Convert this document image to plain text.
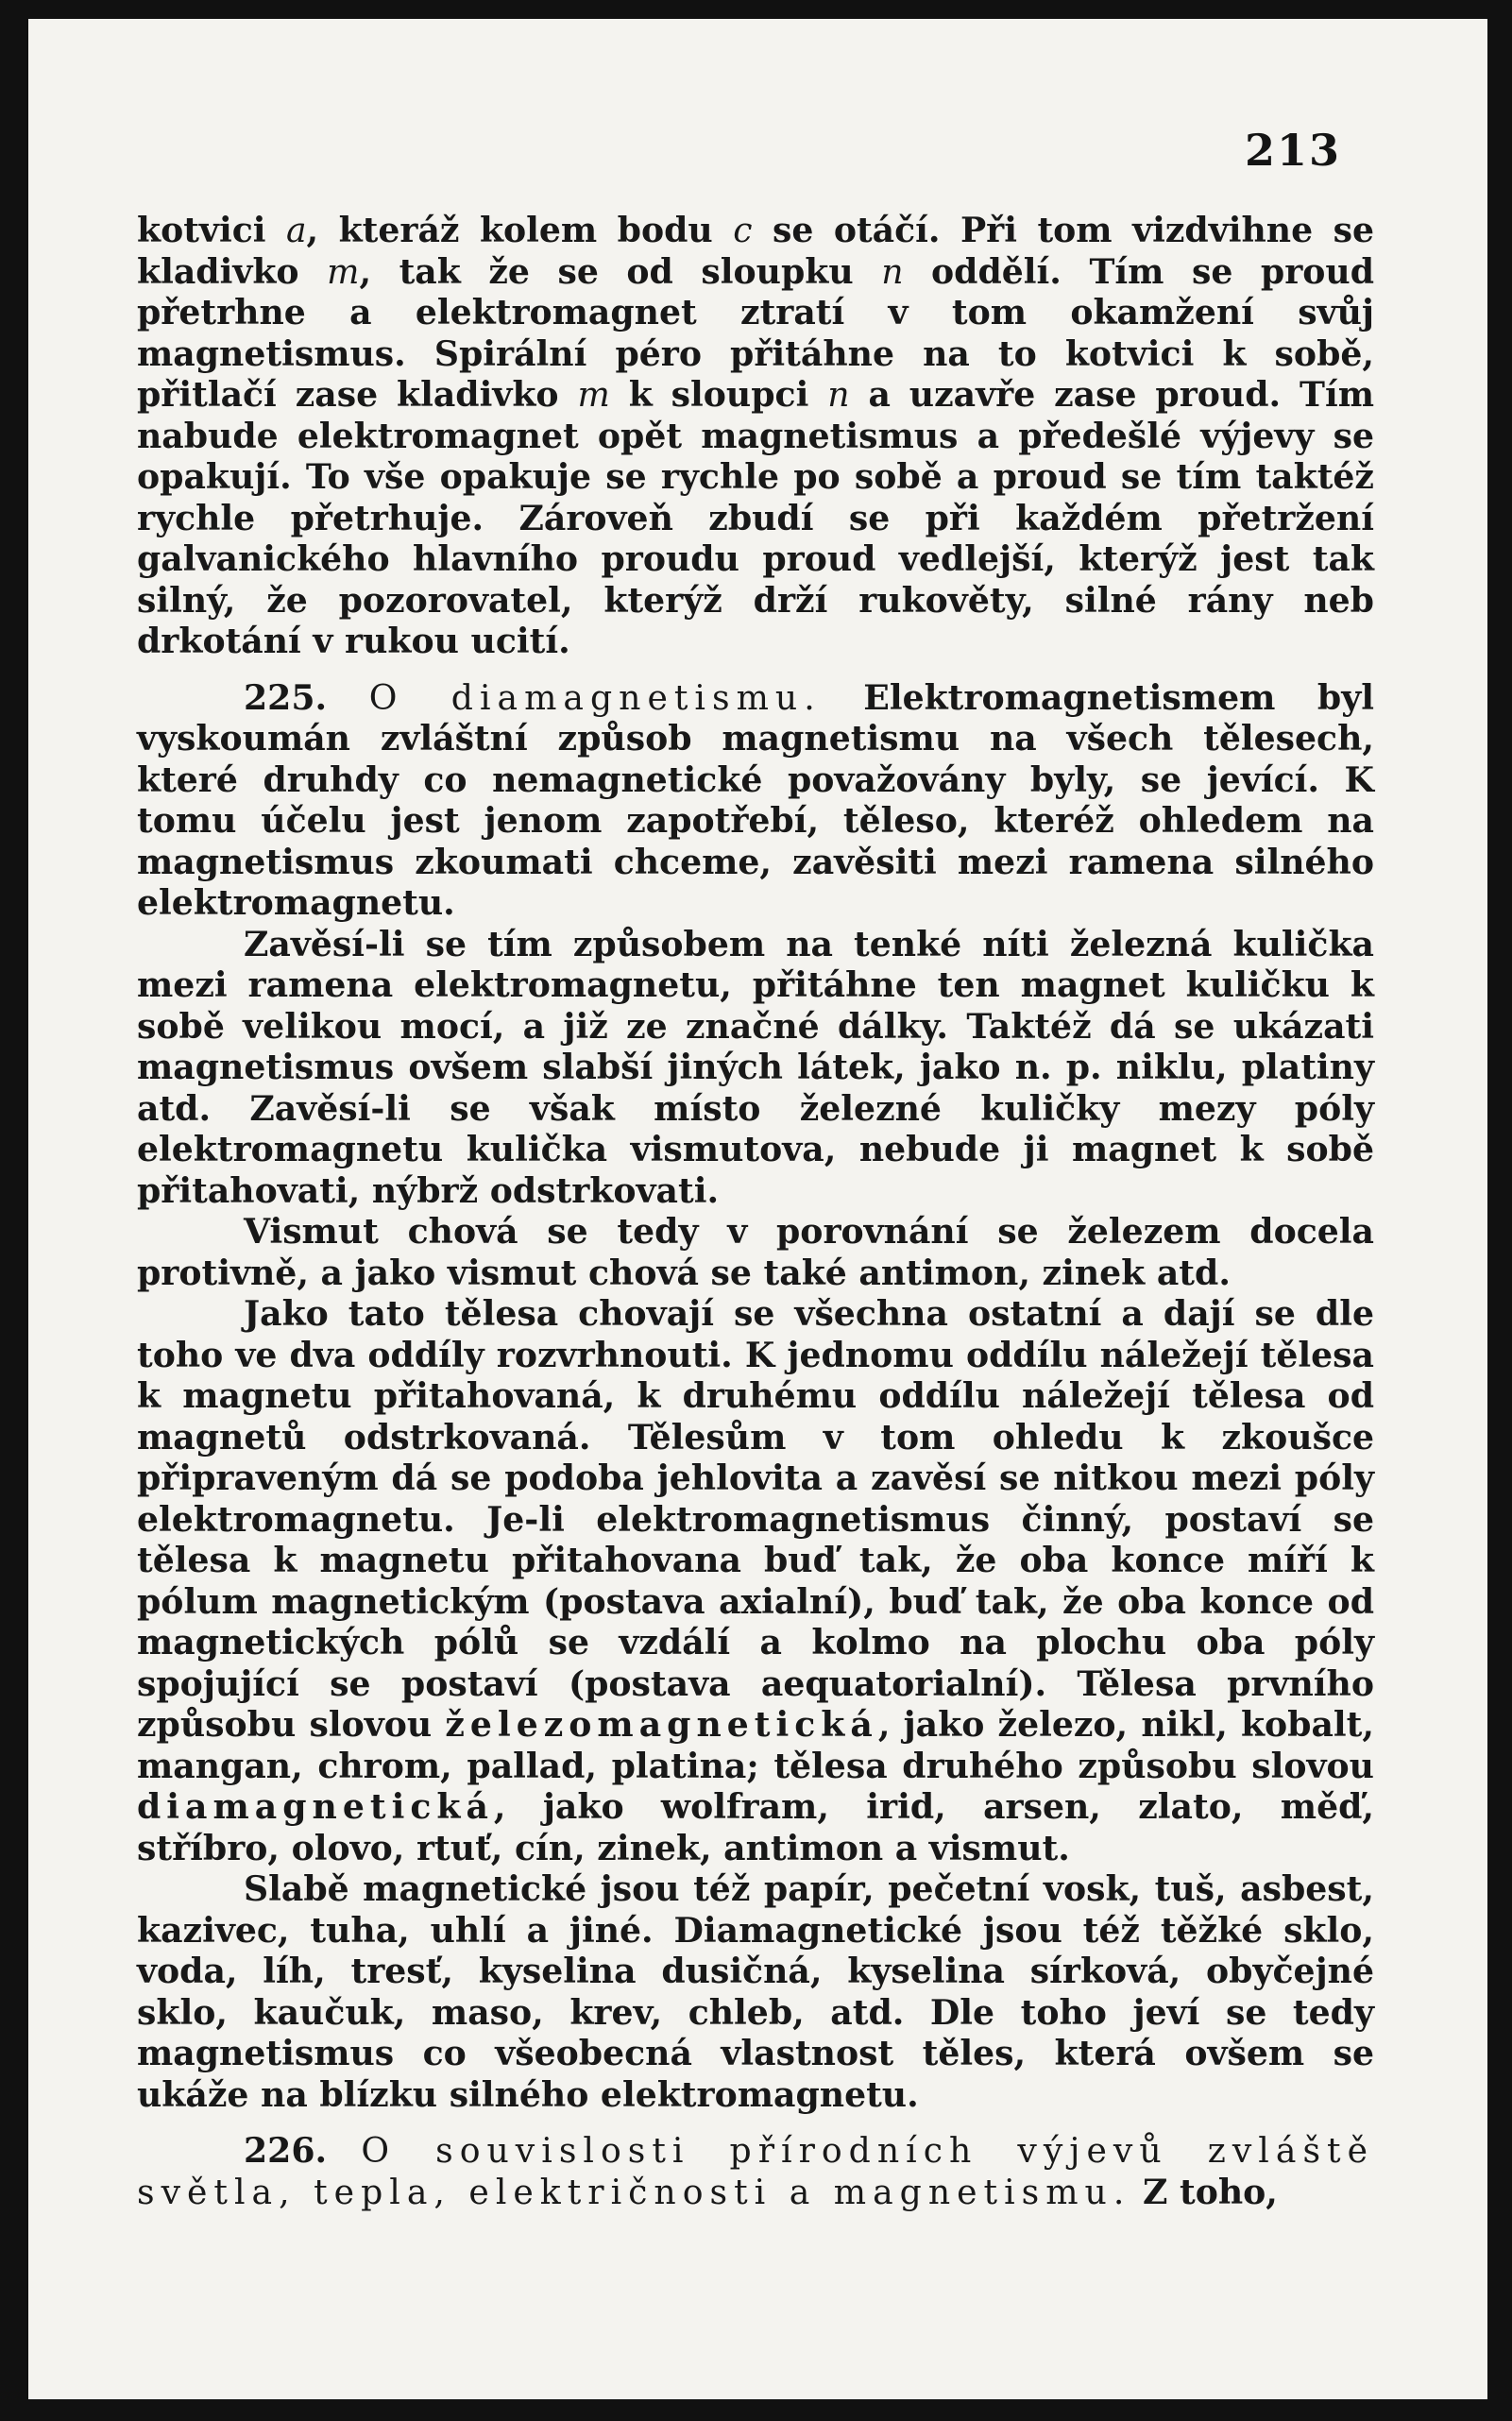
213

kotvici a, kteráž kolem bodu c se otáčí. Při tom vizdvihne se kladivko m, tak že se od sloupku n oddělí. Tím se proud přetrhne a elektromagnet ztratí v tom okamžení svůj magnetismus. Spirální péro přitáhne na to kotvici k sobě, přitlačí zase kladivko m k sloupci n a uzavře zase proud. Tím nabude elektromagnet opět magnetismus a předešlé výjevy se opakují. To vše opakuje se rychle po sobě a proud se tím taktéž rychle přetrhuje. Zároveň zbudí se při každém přetržení galvanického hlavního proudu proud vedlejší, kterýž jest tak silný, že pozorovatel, kterýž drží rukověty, silné rány neb drkotání v rukou ucití.

225. O diamagnetismu. Elektromagnetismem byl vyskoumán zvláštní způsob magnetismu na všech tělesech, které druhdy co nemagnetické považovány byly, se jevící. K tomu účelu jest jenom zapotřebí, těleso, kteréž ohledem na magnetismus zkoumati chceme, zavěsiti mezi ramena silného elektromagnetu.

Zavěsí-li se tím způsobem na tenké níti železná kulička mezi ramena elektromagnetu, přitáhne ten magnet kuličku k sobě velikou mocí, a již ze značné dálky. Taktéž dá se ukázati magnetismus ovšem slabší jiných látek, jako n. p. niklu, platiny atd. Zavěsí-li se však místo železné kuličky mezy póly elektromagnetu kulička vismutova, nebude ji magnet k sobě přitahovati, nýbrž odstrkovati.

Vismut chová se tedy v porovnání se železem docela protivně, a jako vismut chová se také antimon, zinek atd.

Jako tato tělesa chovají se všechna ostatní a dají se dle toho ve dva oddíly rozvrhnouti. K jednomu oddílu náležejí tělesa k magnetu přitahovaná, k druhému oddílu náležejí tělesa od magnetů odstrkovaná. Tělesům v tom ohledu k zkoušce připraveným dá se podoba jehlovita a zavěsí se nitkou mezi póly elektromagnetu. Je-li elektromagnetismus činný, postaví se tělesa k magnetu přitahovana buď tak, že oba konce míří k pólum magnetickým (postava axialní), buď tak, že oba konce od magnetických pólů se vzdálí a kolmo na plochu oba póly spojující se postaví (postava aequatorialní). Tělesa prvního způsobu slovou železomagnetická, jako železo, nikl, kobalt, mangan, chrom, pallad, platina; tělesa druhého způsobu slovou diamagnetická, jako wolfram, irid, arsen, zlato, měď, stříbro, olovo, rtuť, cín, zinek, antimon a vismut.

Slabě magnetické jsou též papír, pečetní vosk, tuš, asbest, kazivec, tuha, uhlí a jiné. Diamagnetické jsou též těžké sklo, voda, líh, tresť, kyselina dusičná, kyselina sírková, obyčejné sklo, kaučuk, maso, krev, chleb, atd. Dle toho jeví se tedy magnetismus co všeobecná vlastnost těles, která ovšem se ukáže na blízku silného elektromagnetu.

226. O souvislosti přírodních výjevů zvláště světla, tepla, električnosti a magnetismu. Z toho,
